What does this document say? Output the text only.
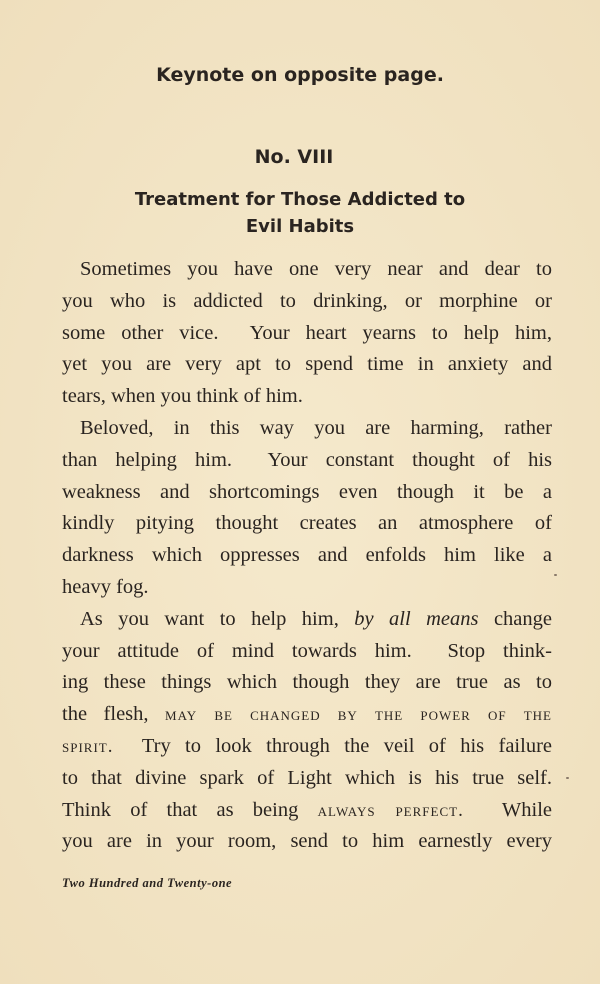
Keynote on opposite page.
No. VIII
Treatment for Those Addicted to
Evil Habits
Sometimes you have one very near and dear to
you who is addicted to drinking, or morphine or
some other vice.  Your heart yearns to help him,
yet you are very apt to spend time in anxiety and
tears, when you think of him.
Beloved, in this way you are harming, rather
than helping him.  Your constant thought of his
weakness and shortcomings even though it be a
kindly pitying thought creates an atmosphere of
darkness which oppresses and enfolds him like a
heavy fog.
As you want to help him, by all means change
your attitude of mind towards him.  Stop think-
ing these things which though they are true as to
the flesh, may be changed by the power of the
spirit.  Try to look through the veil of his failure
to that divine spark of Light which is his true self.
Think of that as being always perfect.  While
you are in your room, send to him earnestly every
Two Hundred and Twenty-one
